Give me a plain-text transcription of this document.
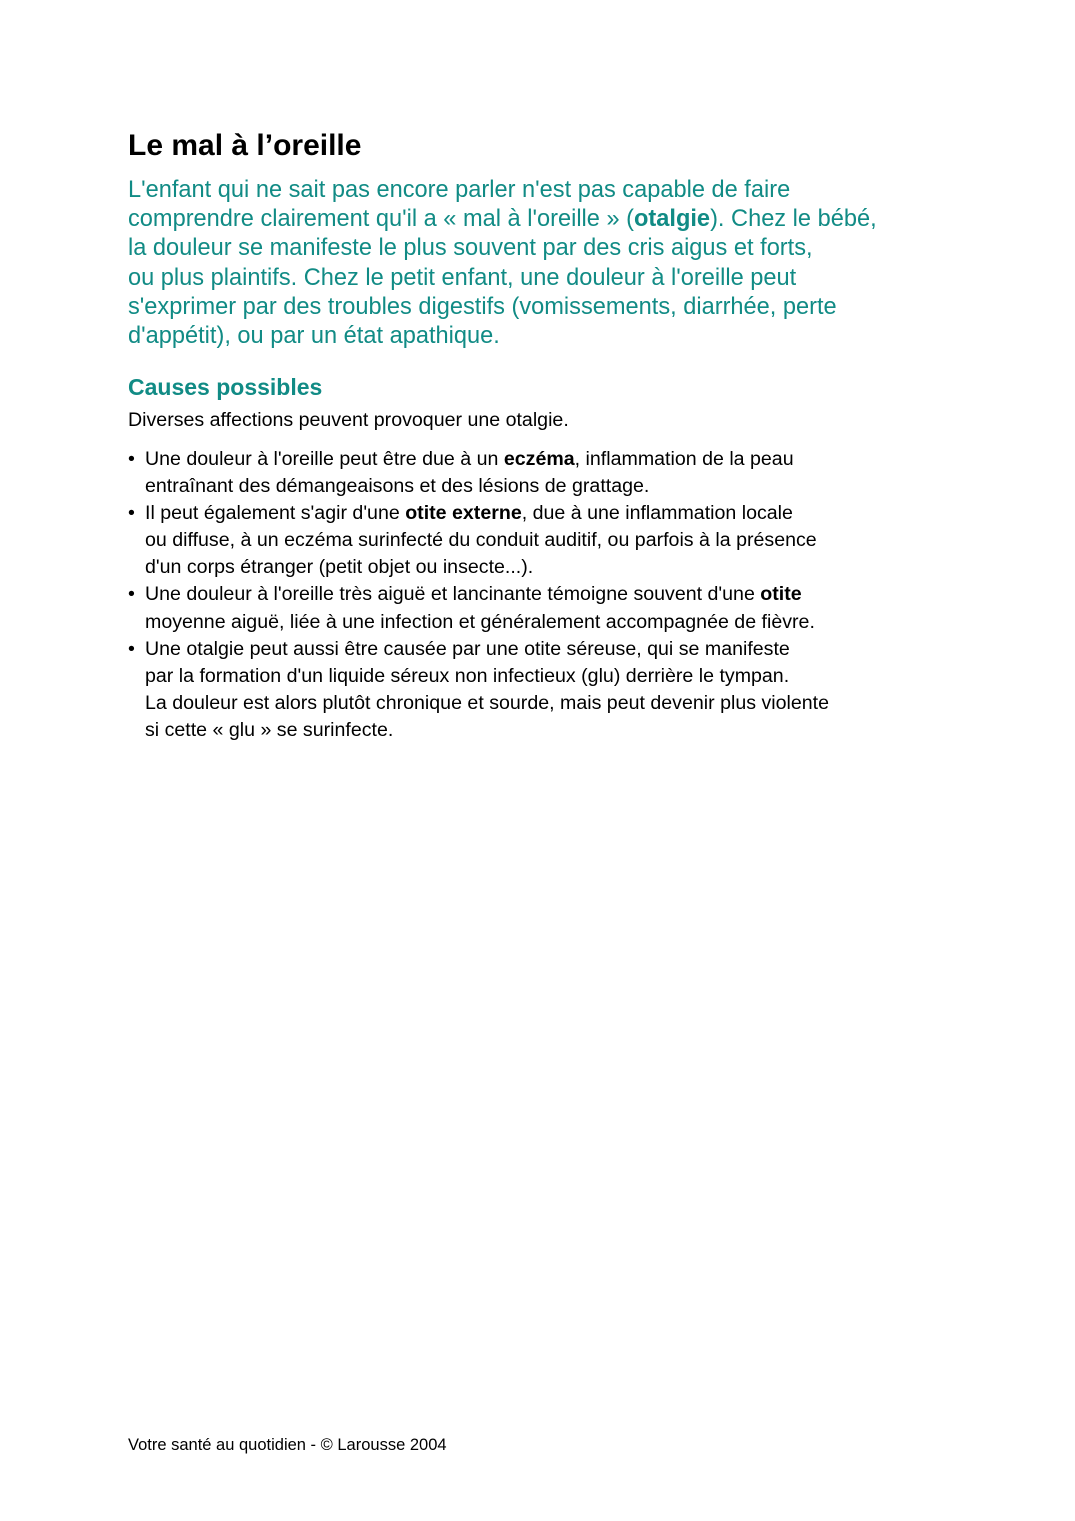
Le mal à l’oreille

L'enfant qui ne sait pas encore parler n'est pas capable de faire
comprendre clairement qu'il a « mal à l'oreille » (otalgie). Chez le bébé,
la douleur se manifeste le plus souvent par des cris aigus et forts,
ou plus plaintifs. Chez le petit enfant, une douleur à l'oreille peut
s'exprimer par des troubles digestifs (vomissements, diarrhée, perte
d'appétit), ou par un état apathique.

Causes possibles

Diverses affections peuvent provoquer une otalgie.

• Une douleur à l'oreille peut être due à un eczéma, inflammation de la peau
entraînant des démangeaisons et des lésions de grattage.
• Il peut également s'agir d'une otite externe, due à une inflammation locale
ou diffuse, à un eczéma surinfecté du conduit auditif, ou parfois à la présence
d'un corps étranger (petit objet ou insecte...).
• Une douleur à l'oreille très aiguë et lancinante témoigne souvent d'une otite
moyenne aiguë, liée à une infection et généralement accompagnée de fièvre.
• Une otalgie peut aussi être causée par une otite séreuse, qui se manifeste
par la formation d'un liquide séreux non infectieux (glu) derrière le tympan.
La douleur est alors plutôt chronique et sourde, mais peut devenir plus violente
si cette « glu » se surinfecte.

Votre santé au quotidien - © Larousse 2004
